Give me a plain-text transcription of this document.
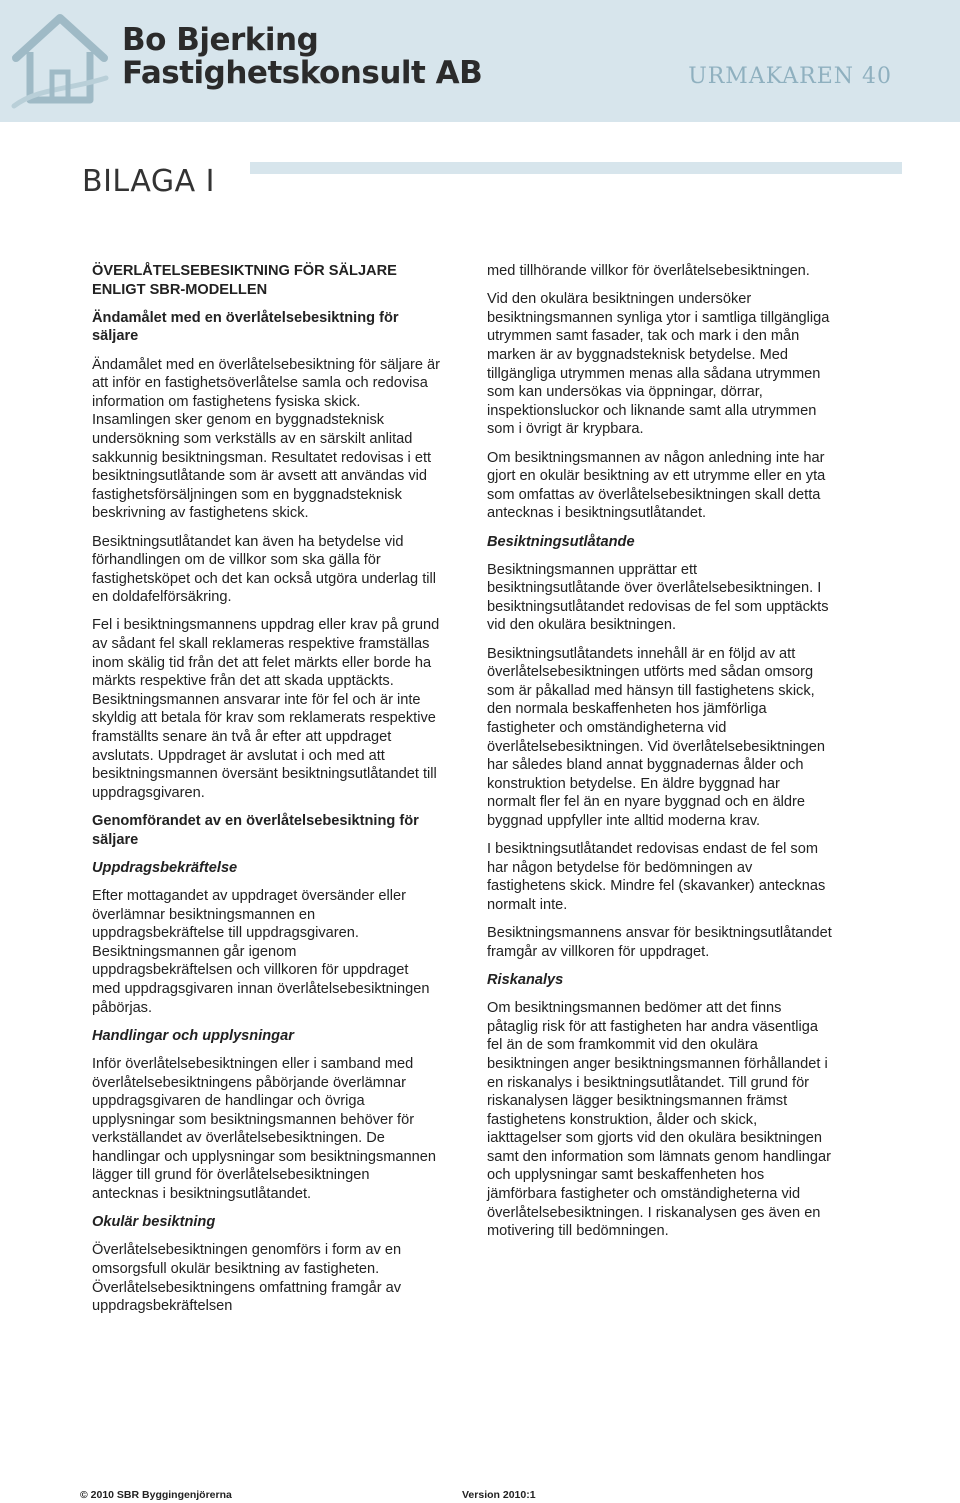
Bo Bjerking
Fastighetskonsult AB	URMAKAREN 40
BILAGA I
ÖVERLÅTELSEBESIKTNING FÖR SÄLJARE ENLIGT SBR-MODELLEN
Ändamålet med en överlåtelsebesiktning för säljare

Ändamålet med en överlåtelsebesiktning för säljare är att inför en fastighetsöverlåtelse samla och redovisa information om fastighetens fysiska skick. Insamlingen sker genom en byggnadsteknisk undersökning som verkställs av en särskilt anlitad sakkunnig besiktningsman. Resultatet redovisas i ett besiktningsutlåtande som är avsett att användas vid fastighetsförsäljningen som en byggnadsteknisk beskrivning av fastighetens skick.

Besiktningsutlåtandet kan även ha betydelse vid förhandlingen om de villkor som ska gälla för fastighetsköpet och det kan också utgöra underlag till en doldafelförsäkring.

Fel i besiktningsmannens uppdrag eller krav på grund av sådant fel skall reklameras respektive framställas inom skälig tid från det att felet märkts eller borde ha märkts respektive från det att skada upptäckts. Besiktningsmannen ansvarar inte för fel och är inte skyldig att betala för krav som reklamerats respektive framställts senare än två år efter att uppdraget avslutats. Uppdraget är avslutat i och med att besiktningsmannen översänt besiktningsutlåtandet till uppdragsgivaren.

Genomförandet av en överlåtelsebesiktning för säljare
Uppdragsbekräftelse

Efter mottagandet av uppdraget översänder eller överlämnar besiktningsmannen en uppdragsbekräftelse till uppdragsgivaren. Besiktningsmannen går igenom uppdragsbekräftelsen och villkoren för uppdraget med uppdragsgivaren innan överlåtelsebesiktningen påbörjas.

Handlingar och upplysningar

Inför överlåtelsebesiktningen eller i samband med överlåtelsebesiktningens påbörjande överlämnar uppdragsgivaren de handlingar och övriga upplysningar som besiktningsmannen behöver för verkställandet av överlåtelsebesiktningen. De handlingar och upplysningar som besiktningsmannen lägger till grund för överlåtelsebesiktningen antecknas i besiktningsutlåtandet.

Okulär besiktning

Överlåtelsebesiktningen genomförs i form av en omsorgsfull okulär besiktning av fastigheten. Överlåtelsebesiktningens omfattning framgår av uppdragsbekräftelsen

med tillhörande villkor för överlåtelsebesiktningen.

Vid den okulära besiktningen undersöker besiktningsmannen synliga ytor i samtliga tillgängliga utrymmen samt fasader, tak och mark i den mån marken är av byggnadsteknisk betydelse. Med tillgängliga utrymmen menas alla sådana utrymmen som kan undersökas via öppningar, dörrar, inspektionsluckor och liknande samt alla utrymmen som i övrigt är krypbara.

Om besiktningsmannen av någon anledning inte har gjort en okulär besiktning av ett utrymme eller en yta som omfattas av överlåtelsebesiktningen skall detta antecknas i besiktningsutlåtandet.

Besiktningsutlåtande

Besiktningsmannen upprättar ett besiktningsutlåtande över överlåtelsebesiktningen. I besiktningsutlåtandet redovisas de fel som upptäckts vid den okulära besiktningen.

Besiktningsutlåtandets innehåll är en följd av att överlåtelsebesiktningen utförts med sådan omsorg som är påkallad med hänsyn till fastighetens skick, den normala beskaffenheten hos jämförliga fastigheter och omständigheterna vid överlåtelsebesiktningen. Vid överlåtelsebesiktningen har således bland annat byggnadernas ålder och konstruktion betydelse. En äldre byggnad har normalt fler fel än en nyare byggnad och en äldre byggnad uppfyller inte alltid moderna krav.

I besiktningsutlåtandet redovisas endast de fel som har någon betydelse för bedömningen av fastighetens skick. Mindre fel (skavanker) antecknas normalt inte.

Besiktningsmannens ansvar för besiktningsutlåtandet framgår av villkoren för uppdraget.

Riskanalys

Om besiktningsmannen bedömer att det finns påtaglig risk för att fastigheten har andra väsentliga fel än de som framkommit vid den okulära besiktningen anger besiktningsmannen förhållandet i en riskanalys i besiktningsutlåtandet. Till grund för riskanalysen lägger besiktningsmannen främst fastighetens konstruktion, ålder och skick, iakttagelser som gjorts vid den okulära besiktningen samt den information som lämnats genom handlingar och upplysningar samt beskaffenheten hos jämförbara fastigheter och omständigheterna vid överlåtelsebesiktningen. I riskanalysen ges även en motivering till bedömningen.

© 2010 SBR Byggingenjörerna	Version 2010:1
